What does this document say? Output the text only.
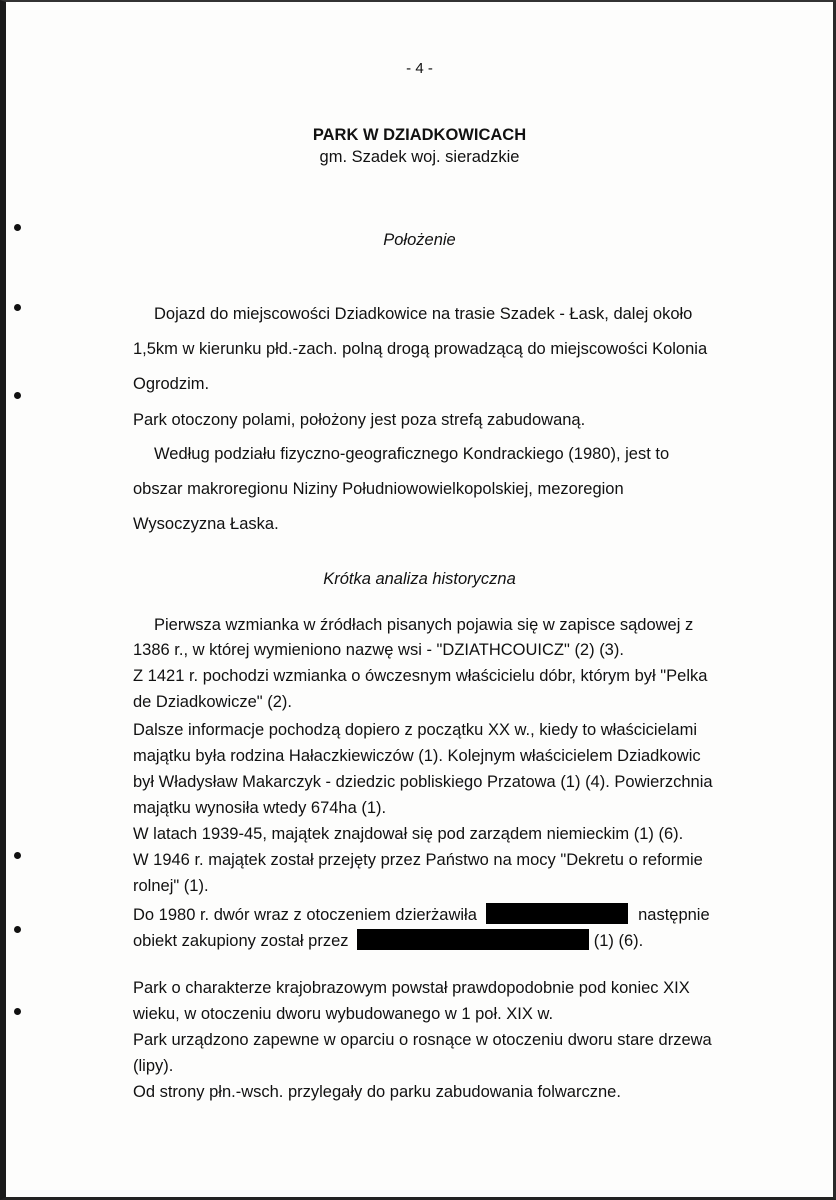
- 4 -
PARK W DZIADKOWICACH
gm. Szadek woj. sieradzkie
Położenie
Dojazd do miejscowości Dziadkowice na trasie Szadek - Łask, dalej około
1,5km w kierunku płd.-zach. polną drogą prowadzącą do miejscowości Kolonia
Ogrodzim.
Park otoczony polami, położony jest poza strefą zabudowaną.
Według podziału fizyczno-geograficznego Kondrackiego (1980), jest to
obszar makroregionu Niziny Południowowielkopolskiej, mezoregion
Wysoczyzna Łaska.
Krótka analiza historyczna
Pierwsza wzmianka w źródłach pisanych pojawia się w zapisce sądowej z
1386 r., w której wymieniono nazwę wsi - "DZIATHCOUICZ" (2) (3).
Z 1421 r. pochodzi wzmianka o ówczesnym właścicielu dóbr, którym był "Pelka
de Dziadkowicze" (2).
Dalsze informacje pochodzą dopiero z początku XX w., kiedy to właścicielami
majątku była rodzina Hałaczkiewiczów (1). Kolejnym właścicielem Dziadkowic
był Władysław Makarczyk - dziedzic pobliskiego Przatowa (1) (4). Powierzchnia
majątku wynosiła wtedy 674ha (1).
W latach 1939-45, majątek znajdował się pod zarządem niemieckim (1) (6).
W 1946 r. majątek został przejęty przez Państwo na mocy "Dekretu o reformie
rolnej" (1).
Do 1980 r. dwór wraz z otoczeniem dzierżawiła	następnie
obiekt zakupiony został przez	(1) (6).
Park o charakterze krajobrazowym powstał prawdopodobnie pod koniec XIX
wieku, w otoczeniu dworu wybudowanego w 1 poł. XIX w.
Park urządzono zapewne w oparciu o rosnące w otoczeniu dworu stare drzewa
(lipy).
Od strony płn.-wsch. przylegały do parku zabudowania folwarczne.
